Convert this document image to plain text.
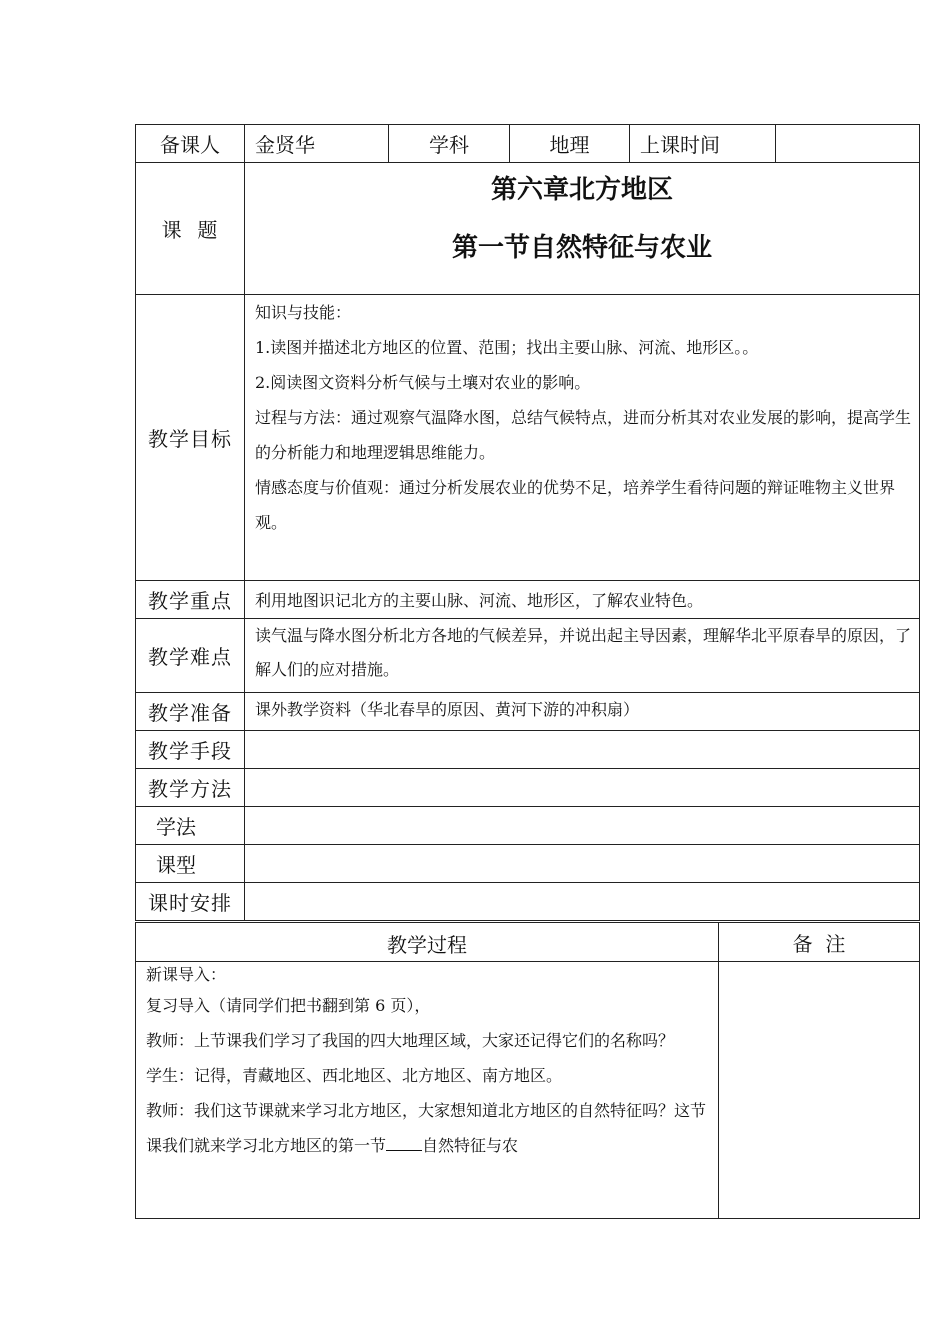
备课人	金贤华	学科	地理	上课时间	
课  题	第六章北方地区
第一节自然特征与农业				

教学目标	知识与技能：

1.读图并描述北方地区的位置、范围；找出主要山脉、河流、地形区。。

2.阅读图文资料分析气候与土壤对农业的影响。

过程与方法：通过观察气温降水图，总结气候特点，进而分析其对农业发展的影响，提高学生的分析能力和地理逻辑思维能力。

情感态度与价值观：通过分析发展农业的优势不足，培养学生看待问题的辩证唯物主义世界观。				

教学重点	利用地图识记北方的主要山脉、河流、地形区，了解农业特色。				
教学难点	读气温与降水图分析北方各地的气候差异，并说出起主导因素，理解华北平原春旱的原因，了解人们的应对措施。				
教学准备	课外教学资料（华北春旱的原因、黄河下游的冲积扇）				
教学手段					
教学方法					
学法					
课型					
课时安排					
教学过程	备  注

新课导入：

复习导入（请同学们把书翻到第 6 页），

教师：上节课我们学习了我国的四大地理区域，大家还记得它们的名称吗？

学生：记得，青藏地区、西北地区、北方地区、南方地区。

教师：我们这节课就来学习北方地区，大家想知道北方地区的自然特征吗？这节课我们就来学习北方地区的第一节 自然特征与农	
